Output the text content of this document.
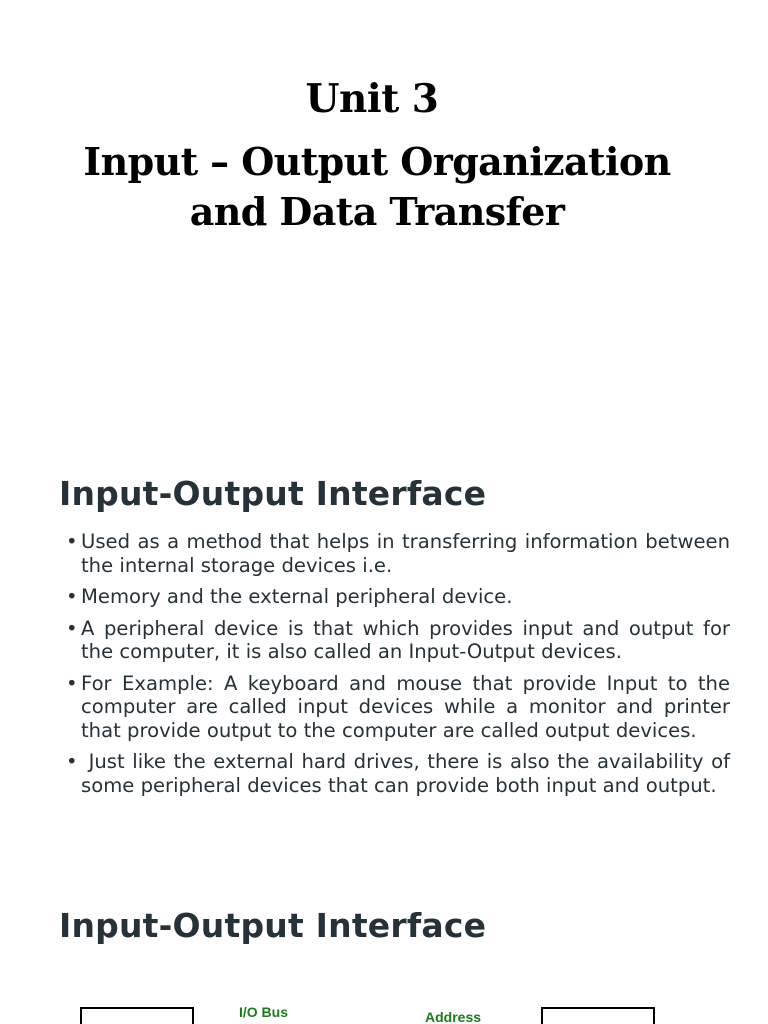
Unit 3
Input – Output Organization
and Data Transfer
Input-Output Interface
• Used as a method that helps in transferring information between the internal storage devices i.e.
• Memory and the external peripheral device.
• A peripheral device is that which provides input and output for the computer, it is also called an Input-Output devices.
• For Example: A keyboard and mouse that provide Input to the computer are called input devices while a monitor and printer that provide output to the computer are called output devices.
• Just like the external hard drives, there is also the availability of some peripheral devices that can provide both input and output.
Input-Output Interface
I/O Bus	Address
